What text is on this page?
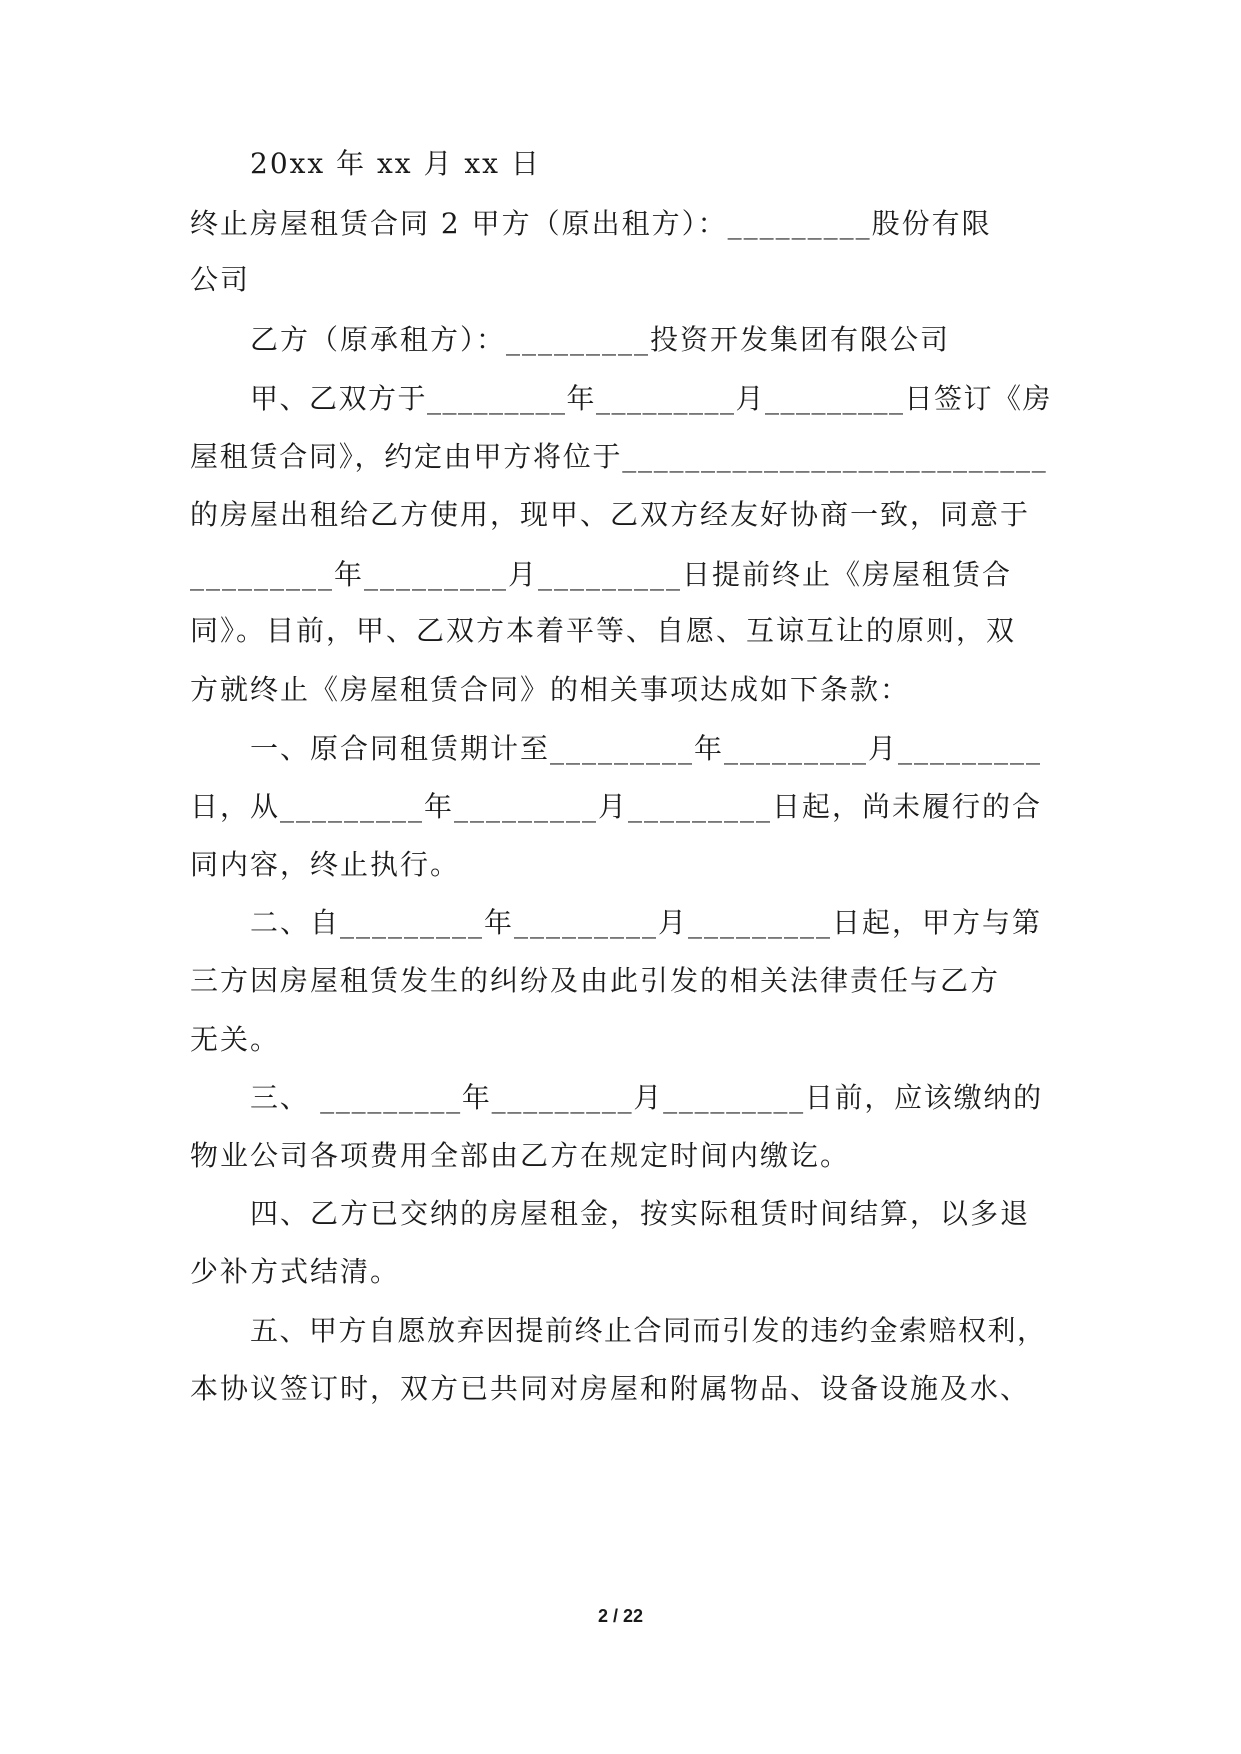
20xx 年 xx 月 xx 日
终止房屋租赁合同 2 甲方（原出租方）：_________股份有限
公司
乙方（原承租方）：_________投资开发集团有限公司
甲、乙双方于_________年_________月_________日签订《房
屋租赁合同》，约定由甲方将位于___________________________
的房屋出租给乙方使用，现甲、乙双方经友好协商一致，同意于
_________年_________月_________日提前终止《房屋租赁合
同》。目前，甲、乙双方本着平等、自愿、互谅互让的原则，双
方就终止《房屋租赁合同》的相关事项达成如下条款：
一、原合同租赁期计至_________年_________月_________
日，从_________年_________月_________日起，尚未履行的合
同内容，终止执行。
二、自_________年_________月_________日起，甲方与第
三方因房屋租赁发生的纠纷及由此引发的相关法律责任与乙方
无关。
三、 _________年_________月_________日前，应该缴纳的
物业公司各项费用全部由乙方在规定时间内缴讫。
四、乙方已交纳的房屋租金，按实际租赁时间结算，以多退
少补方式结清。
五、甲方自愿放弃因提前终止合同而引发的违约金索赔权利，
本协议签订时，双方已共同对房屋和附属物品、设备设施及水、
2 / 22
